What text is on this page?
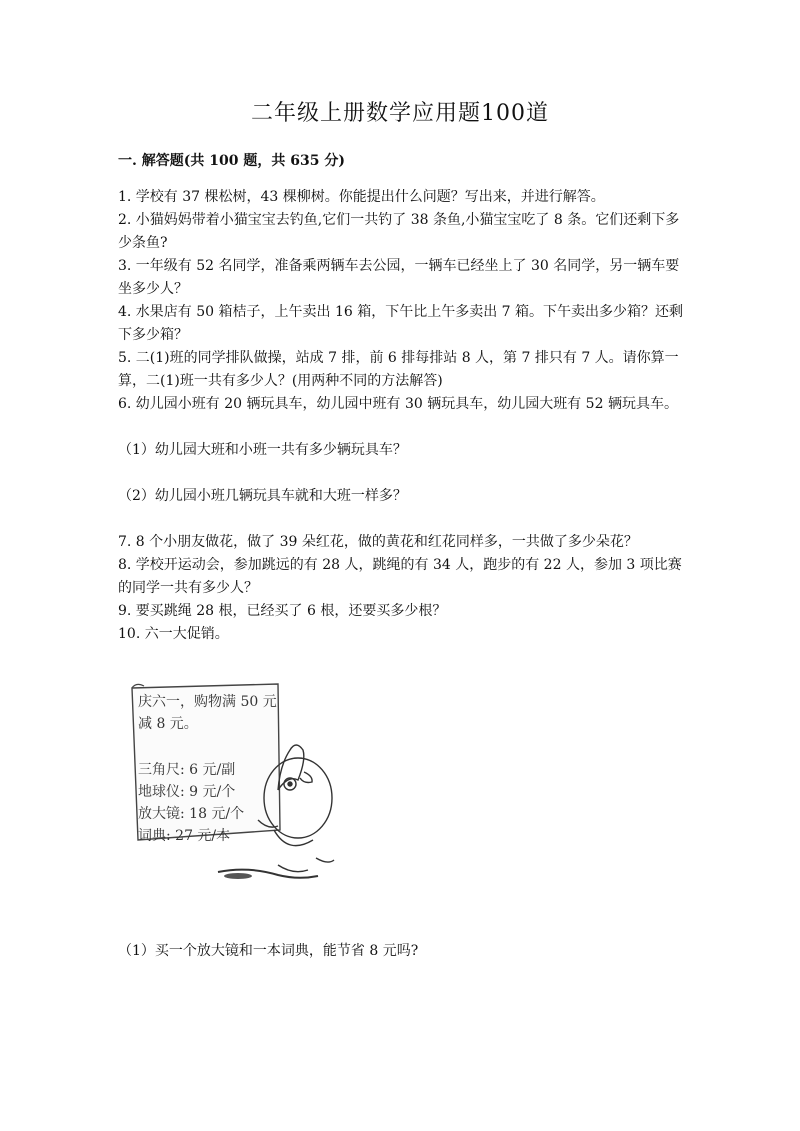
二年级上册数学应用题100道
一. 解答题(共 100 题，共 635 分)

1. 学校有 37 棵松树，43 棵柳树。你能提出什么问题？写出来，并进行解答。

2. 小猫妈妈带着小猫宝宝去钓鱼,它们一共钓了 38 条鱼,小猫宝宝吃了 8 条。它们还剩下多少条鱼?

3. 一年级有 52 名同学，准备乘两辆车去公园，一辆车已经坐上了 30 名同学，另一辆车要坐多少人？

4. 水果店有 50 箱桔子，上午卖出 16 箱，下午比上午多卖出 7 箱。下午卖出多少箱？还剩下多少箱？

5. 二(1)班的同学排队做操，站成 7 排，前 6 排每排站 8 人，第 7 排只有 7 人。请你算一算，二(1)班一共有多少人？(用两种不同的方法解答)

6. 幼儿园小班有 20 辆玩具车，幼儿园中班有 30 辆玩具车，幼儿园大班有 52 辆玩具车。

（1）幼儿园大班和小班一共有多少辆玩具车？

（2）幼儿园小班几辆玩具车就和大班一样多？

7. 8 个小朋友做花，做了 39 朵红花，做的黄花和红花同样多，一共做了多少朵花？

8. 学校开运动会，参加跳远的有 28 人，跳绳的有 34 人，跑步的有 22 人，参加 3 项比赛的同学一共有多少人？

9. 要买跳绳 28 根，已经买了 6 根，还要买多少根？

10. 六一大促销。

庆六一，购物满 50 元
减 8 元。
三角尺: 6 元/副
地球仪: 9 元/个
放大镜: 18 元/个
词典: 27 元/本
（1）买一个放大镜和一本词典，能节省 8 元吗?
